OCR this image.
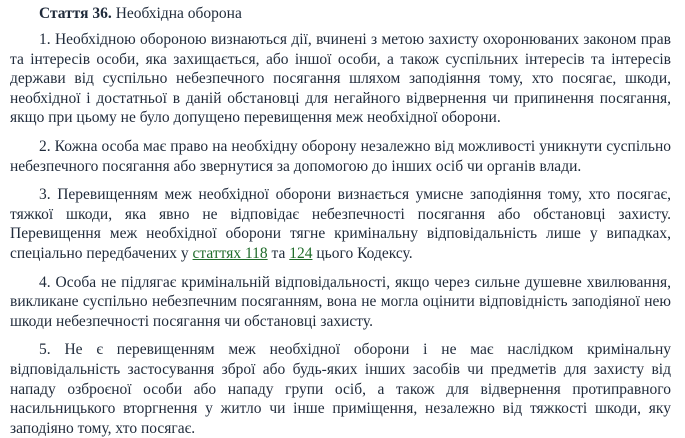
Стаття 36. Необхідна оборона

1. Необхідною обороною визнаються дії, вчинені з метою захисту охоронюваних законом прав та інтересів особи, яка захищається, або іншої особи, а також суспільних інтересів та інтересів держави від суспільно небезпечного посягання шляхом заподіяння тому, хто посягає, шкоди, необхідної і достатньої в даній обстановці для негайного відвернення чи припинення посягання, якщо при цьому не було допущено перевищення меж необхідної оборони.

2. Кожна особа має право на необхідну оборону незалежно від можливості уникнути суспільно небезпечного посягання або звернутися за допомогою до інших осіб чи органів влади.

3. Перевищенням меж необхідної оборони визнається умисне заподіяння тому, хто посягає, тяжкої шкоди, яка явно не відповідає небезпечності посягання або обстановці захисту. Перевищення меж необхідної оборони тягне кримінальну відповідальність лише у випадках, спеціально передбачених у статтях 118 та 124 цього Кодексу.

4. Особа не підлягає кримінальній відповідальності, якщо через сильне душевне хвилювання, викликане суспільно небезпечним посяганням, вона не могла оцінити відповідність заподіяної нею шкоди небезпечності посягання чи обстановці захисту.

5. Не є перевищенням меж необхідної оборони і не має наслідком кримінальну відповідальність застосування зброї або будь-яких інших засобів чи предметів для захисту від нападу озброєної особи або нападу групи осіб, а також для відвернення протиправного насильницького вторгнення у житло чи інше приміщення, незалежно від тяжкості шкоди, яку заподіяно тому, хто посягає.
